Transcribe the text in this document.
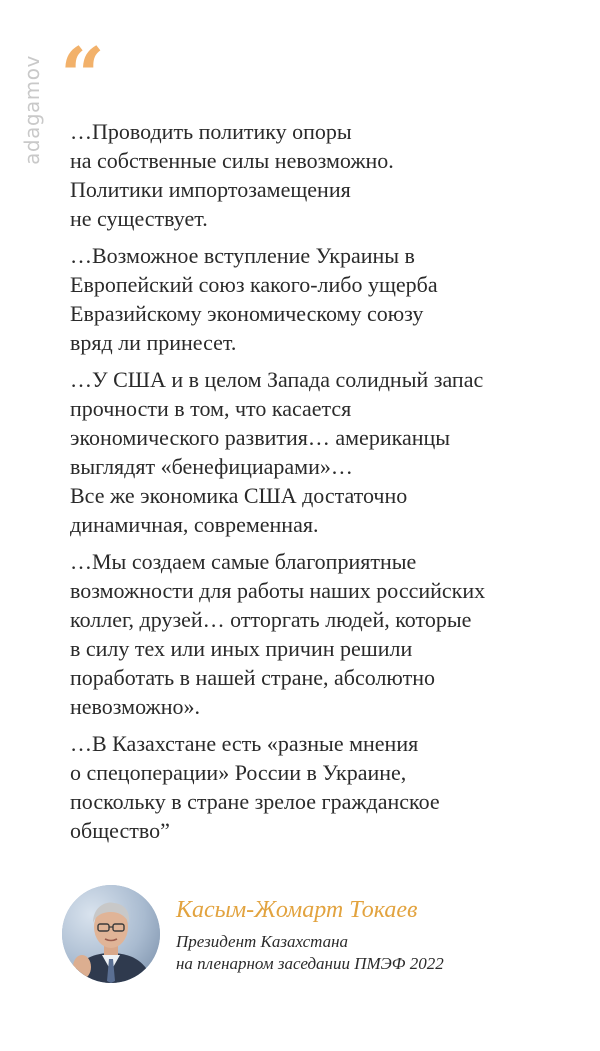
adagamov “
…Проводить политику опоры
на собственные силы невозможно.
Политики импортозамещения
не существует.
…Возможное вступление Украины в
Европейский союз какого-либо ущерба
Евразийскому экономическому союзу
вряд ли принесет.
…У США и в целом Запада солидный запас
прочности в том, что касается
экономического развития… американцы
выглядят «бенефициарами»…
Все же экономика США достаточно
динамичная, современная.
…Мы создаем самые благоприятные
возможности для работы наших российских
коллег, друзей… отторгать людей, которые
в силу тех или иных причин решили
поработать в нашей стране, абсолютно
невозможно».
…В Казахстане есть «разные мнения
о спецоперации» России в Украине,
поскольку в стране зрелое гражданское
общество”
Касым-Жомарт Токаев
Президент Казахстана
на пленарном заседании ПМЭФ 2022
